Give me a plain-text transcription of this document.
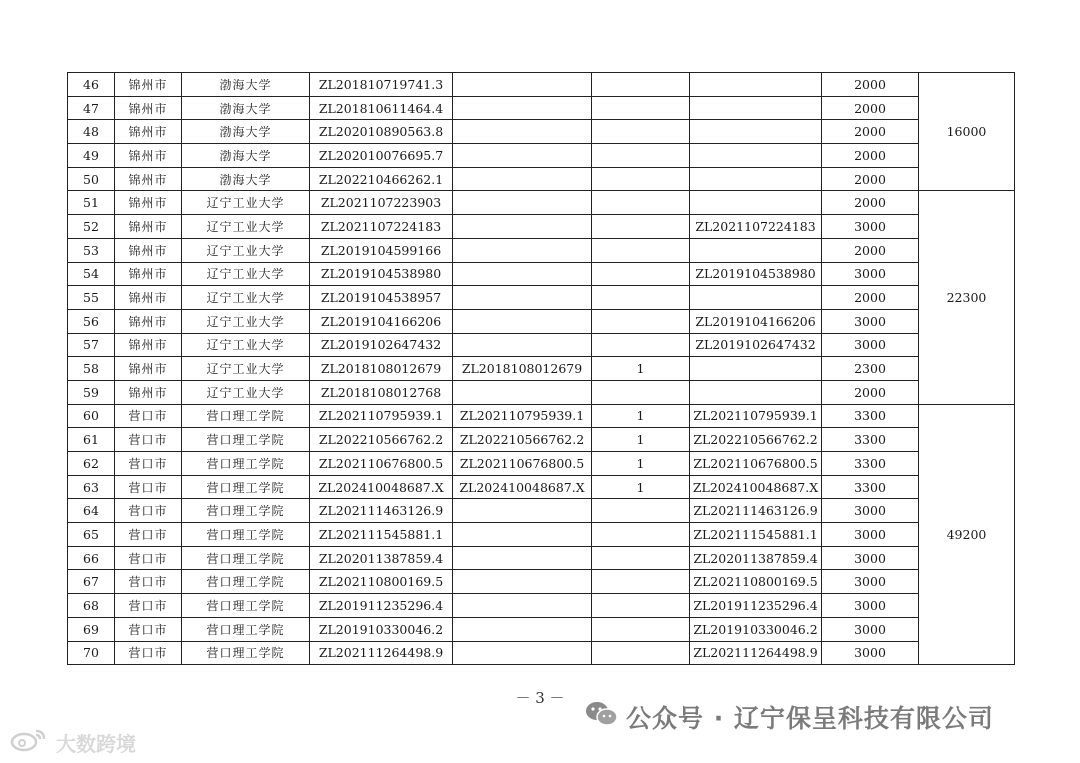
46	锦州市	渤海大学	ZL201810719741.3				2000	16000
47	锦州市	渤海大学	ZL201810611464.4				2000	
48	锦州市	渤海大学	ZL202010890563.8				2000	
49	锦州市	渤海大学	ZL202010076695.7				2000	
50	锦州市	渤海大学	ZL202210466262.1				2000	
51	锦州市	辽宁工业大学	ZL2021107223903				2000	22300
52	锦州市	辽宁工业大学	ZL2021107224183			ZL2021107224183	3000	
53	锦州市	辽宁工业大学	ZL2019104599166				2000	
54	锦州市	辽宁工业大学	ZL2019104538980			ZL2019104538980	3000	
55	锦州市	辽宁工业大学	ZL2019104538957				2000	
56	锦州市	辽宁工业大学	ZL2019104166206			ZL2019104166206	3000	
57	锦州市	辽宁工业大学	ZL2019102647432			ZL2019102647432	3000	
58	锦州市	辽宁工业大学	ZL2018108012679	ZL2018108012679	1		2300	
59	锦州市	辽宁工业大学	ZL2018108012768				2000	
60	营口市	营口理工学院	ZL202110795939.1	ZL202110795939.1	1	ZL202110795939.1	3300	49200
61	营口市	营口理工学院	ZL202210566762.2	ZL202210566762.2	1	ZL202210566762.2	3300	
62	营口市	营口理工学院	ZL202110676800.5	ZL202110676800.5	1	ZL202110676800.5	3300	
63	营口市	营口理工学院	ZL202410048687.X	ZL202410048687.X	1	ZL202410048687.X	3300	
64	营口市	营口理工学院	ZL202111463126.9			ZL202111463126.9	3000	
65	营口市	营口理工学院	ZL202111545881.1			ZL202111545881.1	3000	
66	营口市	营口理工学院	ZL202011387859.4			ZL202011387859.4	3000	
67	营口市	营口理工学院	ZL202110800169.5			ZL202110800169.5	3000	
68	营口市	营口理工学院	ZL201911235296.4			ZL201911235296.4	3000	
69	营口市	营口理工学院	ZL201910330046.2			ZL201910330046.2	3000	
70	营口市	营口理工学院	ZL202111264498.9			ZL202111264498.9	3000	
－ 3 －
公众号 · 辽宁保呈科技有限公司
大数跨境
